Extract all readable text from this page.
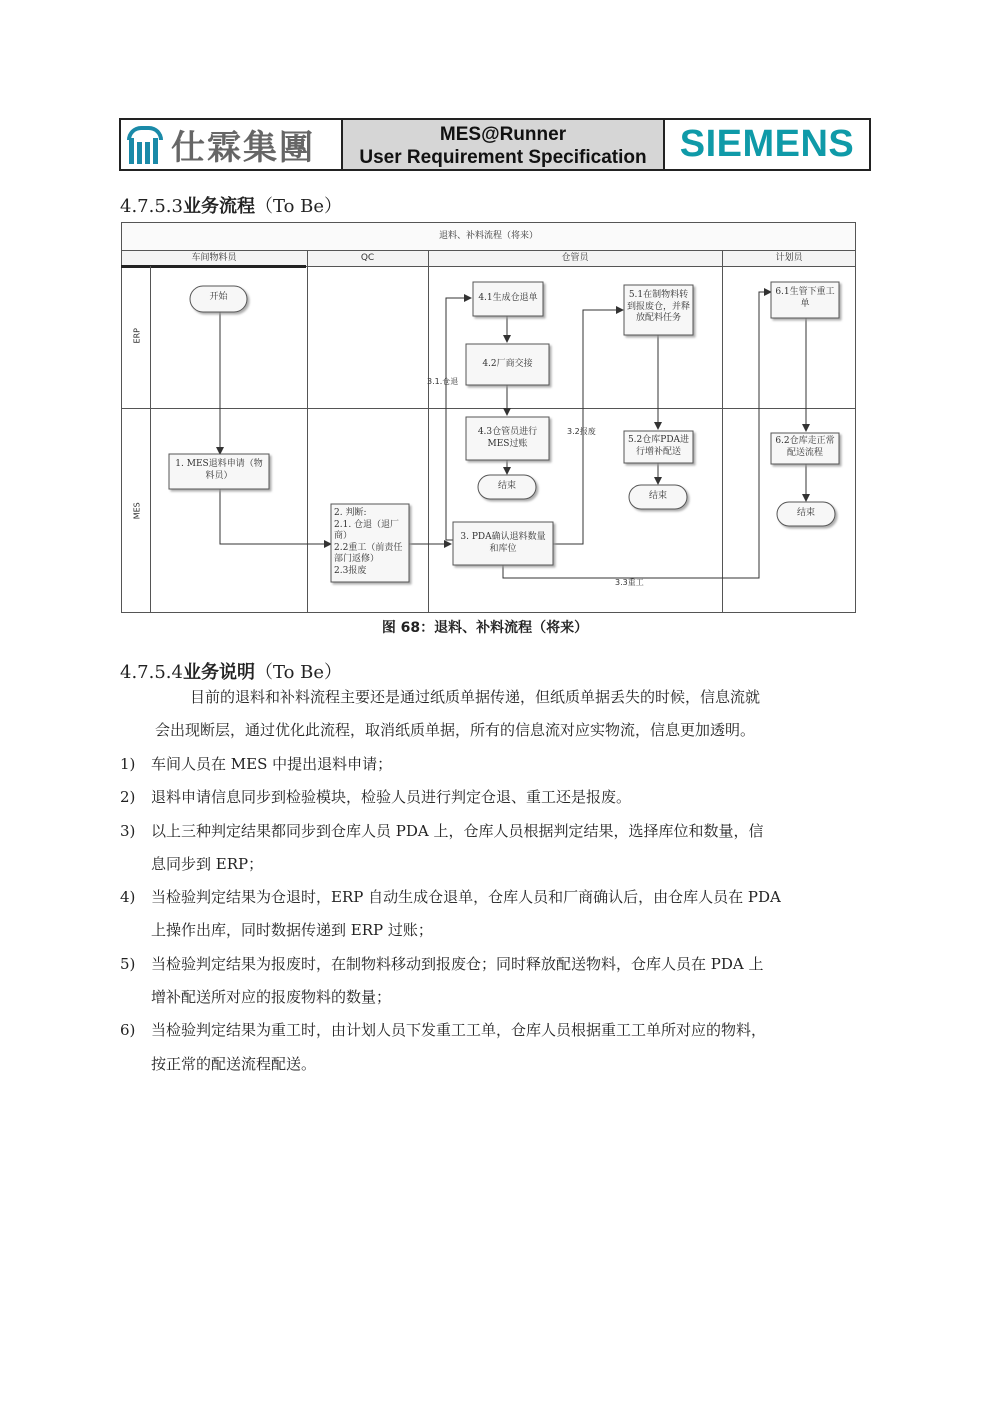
仕霖集團	MES@Runner
User Requirement Specification SIEMENS
4.7.5.3业务流程（To Be）
退料、补料流程（将来）
车间物料员	QC	仓管员	计划员
ERP
MES
开始
1. MES退料申请（物料员）
2. 判断:
2.1. 仓退（退厂商）
2.2重工（前责任部门返修）
2.3报废
3. PDA确认退料数量和库位
4.1生成仓退单
4.2厂商交接
4.3仓管员进行MES过账
结束
5.1在制物料转到报废仓，并释放配料任务
5.2仓库PDA进行增补配送
结束
6.1生管下重工单
6.2仓库走正常配送流程
结束
3.1.仓退
3.2报废
3.3重工
图 68：退料、补料流程（将来）
4.7.5.4业务说明（To Be）
目前的退料和补料流程主要还是通过纸质单据传递，但纸质单据丢失的时候，信息流就
会出现断层，通过优化此流程，取消纸质单据，所有的信息流对应实物流，信息更加透明。
1) 车间人员在 MES 中提出退料申请；
2) 退料申请信息同步到检验模块，检验人员进行判定仓退、重工还是报废。
3) 以上三种判定结果都同步到仓库人员 PDA 上，仓库人员根据判定结果，选择库位和数量，信
息同步到 ERP；
4) 当检验判定结果为仓退时，ERP 自动生成仓退单，仓库人员和厂商确认后，由仓库人员在 PDA
上操作出库，同时数据传递到 ERP 过账；
5) 当检验判定结果为报废时，在制物料移动到报废仓；同时释放配送物料，仓库人员在 PDA 上
增补配送所对应的报废物料的数量；
6) 当检验判定结果为重工时，由计划人员下发重工工单，仓库人员根据重工工单所对应的物料，
按正常的配送流程配送。
